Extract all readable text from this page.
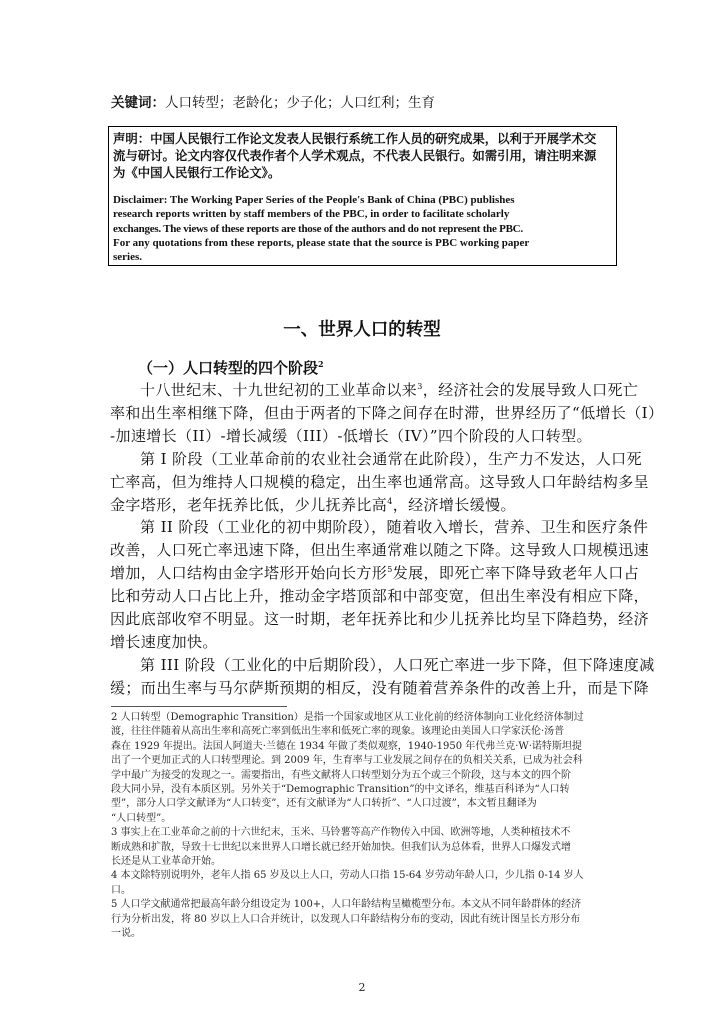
关键词：人口转型；老龄化；少子化；人口红利；生育

声明：中国人民银行工作论文发表人民银行系统工作人员的研究成果，以利于开展学术交
流与研讨。论文内容仅代表作者个人学术观点，不代表人民银行。如需引用，请注明来源
为《中国人民银行工作论文》。

Disclaimer: The Working Paper Series of the People's Bank of China (PBC) publishes
research reports written by staff members of the PBC, in order to facilitate scholarly
exchanges. The views of these reports are those of the authors and do not represent the PBC.
For any quotations from these reports, please state that the source is PBC working paper
series.

一、世界人口的转型
（一）人口转型的四个阶段$^2$
十八世纪末、十九世纪初的工业革命以来$^3$，经济社会的发展导致人口死亡
率和出生率相继下降，但由于两者的下降之间存在时滞，世界经历了“低增长（I）
-加速增长（II）-增长减缓（III）-低增长（IV）”四个阶段的人口转型。
第 I 阶段（工业革命前的农业社会通常在此阶段），生产力不发达，人口死
亡率高，但为维持人口规模的稳定，出生率也通常高。这导致人口年龄结构多呈
金字塔形，老年抚养比低，少儿抚养比高$^4$，经济增长缓慢。
第 II 阶段（工业化的初中期阶段），随着收入增长，营养、卫生和医疗条件
改善，人口死亡率迅速下降，但出生率通常难以随之下降。这导致人口规模迅速
增加，人口结构由金字塔形开始向长方形$^5$发展，即死亡率下降导致老年人口占
比和劳动人口占比上升，推动金字塔顶部和中部变宽，但出生率没有相应下降，
因此底部收窄不明显。这一时期，老年抚养比和少儿抚养比均呈下降趋势，经济
增长速度加快。
第 III 阶段（工业化的中后期阶段），人口死亡率进一步下降，但下降速度减
缓；而出生率与马尔萨斯预期的相反，没有随着营养条件的改善上升，而是下降
2 人口转型（Demographic Transition）是指一个国家或地区从工业化前的经济体制向工业化经济体制过
渡，往往伴随着从高出生率和高死亡率到低出生率和低死亡率的现象。该理论由美国人口学家沃伦·汤普
森在 1929 年提出。法国人阿道夫·兰德在 1934 年做了类似观察，1940-1950 年代弗兰克·W·诺特斯坦提
出了一个更加正式的人口转型理论。到 2009 年，生育率与工业发展之间存在的负相关关系，已成为社会科
学中最广为接受的发现之一。需要指出，有些文献将人口转型划分为五个或三个阶段，这与本文的四个阶
段大同小异，没有本质区别。另外关于“Demographic Transition”的中文译名，维基百科译为“人口转
型”，部分人口学文献译为“人口转变”，还有文献译为“人口转折”、“人口过渡”，本文暂且翻译为
“人口转型”。
3 事实上在工业革命之前的十六世纪末，玉米、马铃薯等高产作物传入中国、欧洲等地，人类种植技术不
断成熟和扩散，导致十七世纪以来世界人口增长就已经开始加快。但我们认为总体看，世界人口爆发式增
长还是从工业革命开始。
4 本文除特别说明外，老年人指 65 岁及以上人口，劳动人口指 15-64 岁劳动年龄人口，少儿指 0-14 岁人
口。
5 人口学文献通常把最高年龄分组设定为 100+，人口年龄结构呈橄榄型分布。本文从不同年龄群体的经济
行为分析出发，将 80 岁以上人口合并统计，以发现人口年龄结构分布的变动，因此有统计图呈长方形分布
一说。
2
